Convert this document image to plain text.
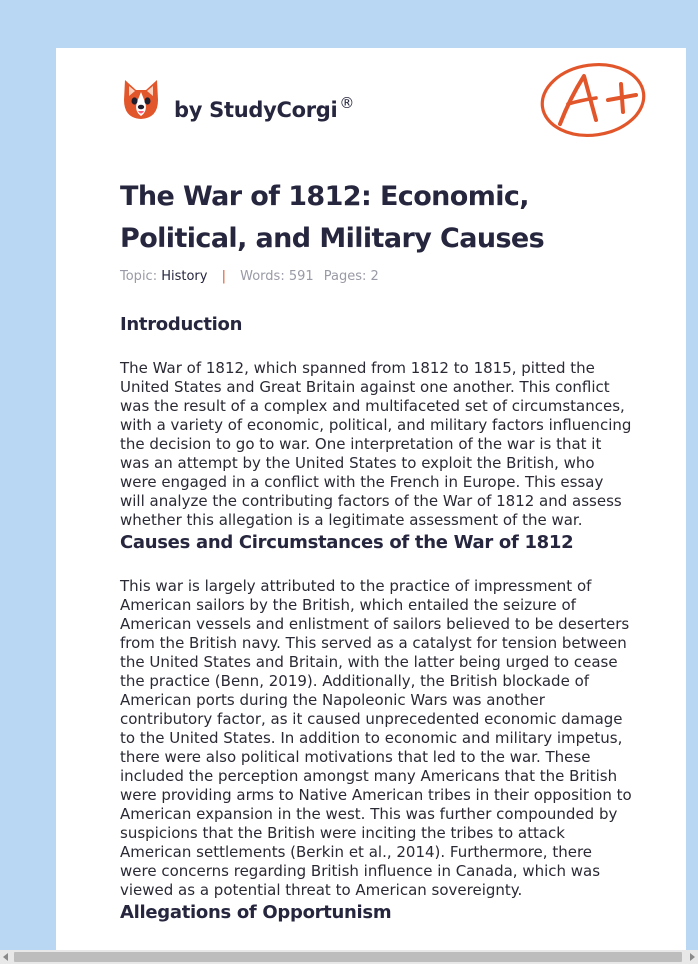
by StudyCorgi ®
The War of 1812: Economic, Political, and Military Causes
Topic: History | Words: 591 Pages: 2
Introduction

The War of 1812, which spanned from 1812 to 1815, pitted the United States and Great Britain against one another. This conflict was the result of a complex and multifaceted set of circumstances, with a variety of economic, political, and military factors influencing the decision to go to war. One interpretation of the war is that it was an attempt by the United States to exploit the British, who were engaged in a conflict with the French in Europe. This essay will analyze the contributing factors of the War of 1812 and assess whether this allegation is a legitimate assessment of the war.

Causes and Circumstances of the War of 1812

This war is largely attributed to the practice of impressment of American sailors by the British, which entailed the seizure of American vessels and enlistment of sailors believed to be deserters from the British navy. This served as a catalyst for tension between the United States and Britain, with the latter being urged to cease the practice (Benn, 2019). Additionally, the British blockade of American ports during the Napoleonic Wars was another contributory factor, as it caused unprecedented economic damage to the United States. In addition to economic and military impetus, there were also political motivations that led to the war. These included the perception amongst many Americans that the British were providing arms to Native American tribes in their opposition to American expansion in the west. This was further compounded by suspicions that the British were inciting the tribes to attack American settlements (Berkin et al., 2014). Furthermore, there were concerns regarding British influence in Canada, which was viewed as a potential threat to American sovereignty.

Allegations of Opportunism
